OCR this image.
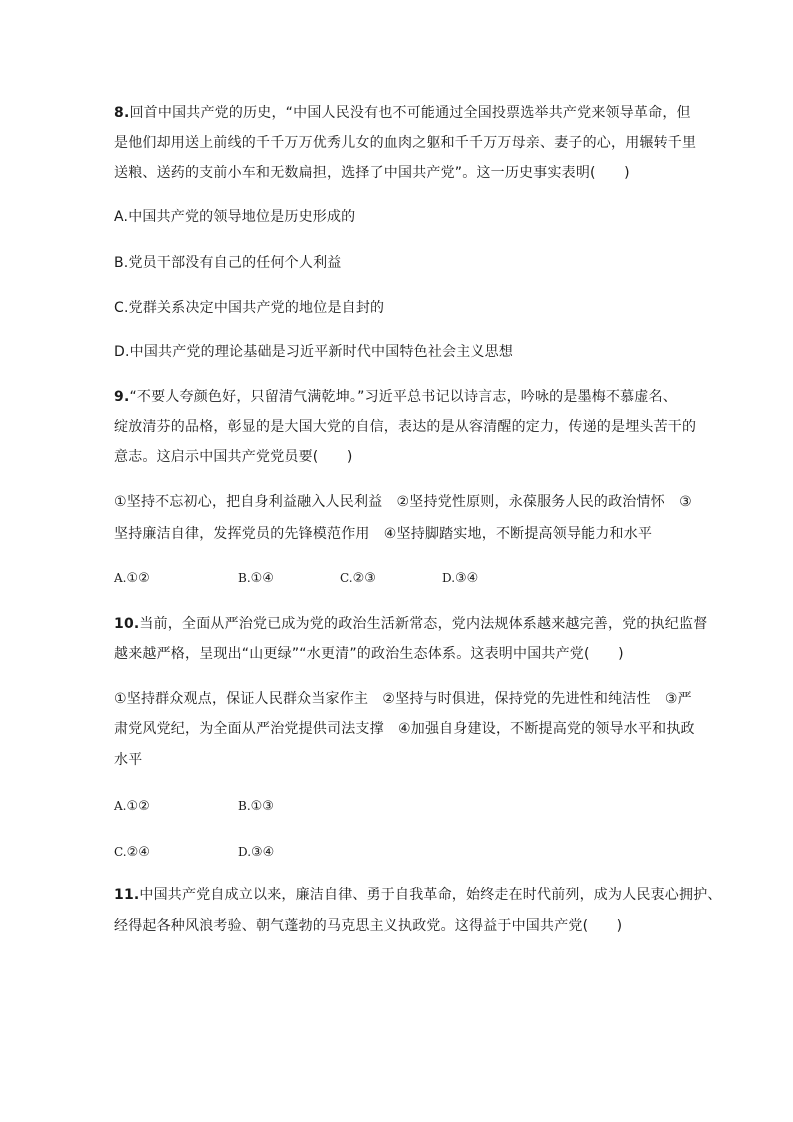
8.回首中国共产党的历史，“中国人民没有也不可能通过全国投票选举共产党来领导革命，但
是他们却用送上前线的千千万万优秀儿女的血肉之躯和千千万万母亲、妻子的心，用辗转千里
送粮、送药的支前小车和无数扁担，选择了中国共产党”。这一历史事实表明(　　)
A.中国共产党的领导地位是历史形成的
B.党员干部没有自己的任何个人利益
C.党群关系决定中国共产党的地位是自封的
D.中国共产党的理论基础是习近平新时代中国特色社会主义思想
9.“不要人夸颜色好，只留清气满乾坤。”习近平总书记以诗言志，吟咏的是墨梅不慕虚名、
绽放清芬的品格，彰显的是大国大党的自信，表达的是从容清醒的定力，传递的是埋头苦干的
意志。这启示中国共产党党员要(　　)
①坚持不忘初心，把自身利益融入人民利益　②坚持党性原则，永葆服务人民的政治情怀　③
坚持廉洁自律，发挥党员的先锋模范作用　④坚持脚踏实地，不断提高领导能力和水平
A.①②	B.①④	C.②③	D.③④
10.当前，全面从严治党已成为党的政治生活新常态，党内法规体系越来越完善，党的执纪监督
越来越严格，呈现出“山更绿”“水更清”的政治生态体系。这表明中国共产党(　　)
①坚持群众观点，保证人民群众当家作主　②坚持与时俱进，保持党的先进性和纯洁性　③严
肃党风党纪，为全面从严治党提供司法支撑　④加强自身建设，不断提高党的领导水平和执政
水平
A.①②	B.①③
C.②④	D.③④
11.中国共产党自成立以来，廉洁自律、勇于自我革命，始终走在时代前列，成为人民衷心拥护、
经得起各种风浪考验、朝气蓬勃的马克思主义执政党。这得益于中国共产党(　　)
